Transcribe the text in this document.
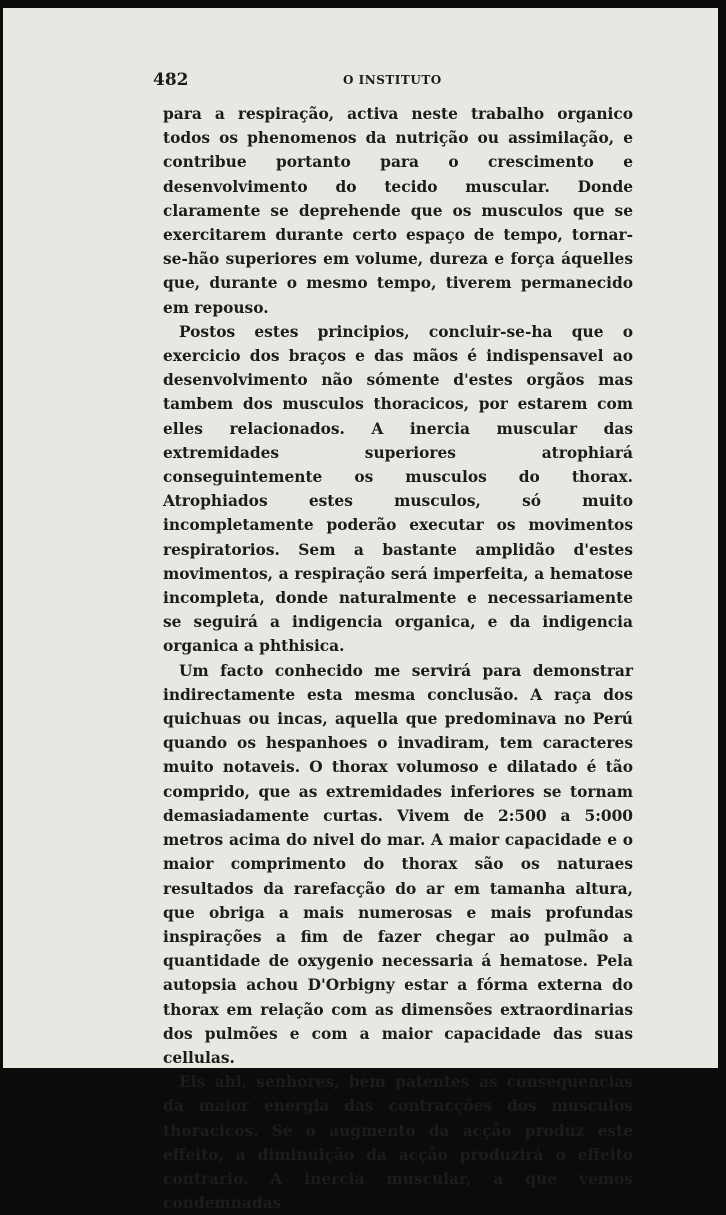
482	O INSTITUTO

para a respiração, activa neste trabalho organico todos os phenomenos da nutrição ou assimilação, e contribue portanto para o crescimento e desenvolvimento do tecido muscular. Donde claramente se deprehende que os musculos que se exercitarem durante certo espaço de tempo, tornar-se-hão superiores em volume, dureza e força áquelles que, durante o mesmo tempo, tiverem permanecido em repouso.

Postos estes principios, concluir-se-ha que o exercicio dos braços e das mãos é indispensavel ao desenvolvimento não sómente d'estes orgãos mas tambem dos musculos thoracicos, por estarem com elles relacionados. A inercia muscular das extremidades superiores atrophiará conseguintemente os musculos do thorax. Atrophiados estes musculos, só muito incompletamente poderão executar os movimentos respiratorios. Sem a bastante amplidão d'estes movimentos, a respiração será imperfeita, a hematose incompleta, donde naturalmente e necessariamente se seguirá a indigencia organica, e da indigencia organica a phthisica.

Um facto conhecido me servirá para demonstrar indirectamente esta mesma conclusão. A raça dos quichuas ou incas, aquella que predominava no Perú quando os hespanhoes o invadiram, tem caracteres muito notaveis. O thorax volumoso e dilatado é tão comprido, que as extremidades inferiores se tornam demasiadamente curtas. Vivem de 2:500 a 5:000 metros acima do nivel do mar. A maior capacidade e o maior comprimento do thorax são os naturaes resultados da rarefacção do ar em tamanha altura, que obriga a mais numerosas e mais profundas inspirações a fim de fazer chegar ao pulmão a quantidade de oxygenio necessaria á hematose. Pela autopsia achou D'Orbigny estar a fórma externa do thorax em relação com as dimensões extraordinarias dos pulmões e com a maior capacidade das suas cellulas.

Eis ahi, senhores, bem patentes as consequencias da maior energia das contracções dos musculos thoracicos. Se o augmento da acção produz este effeito, a diminuição da acção produzirá o effeito contrario. A inercia muscular, a que vemos condemnadas
